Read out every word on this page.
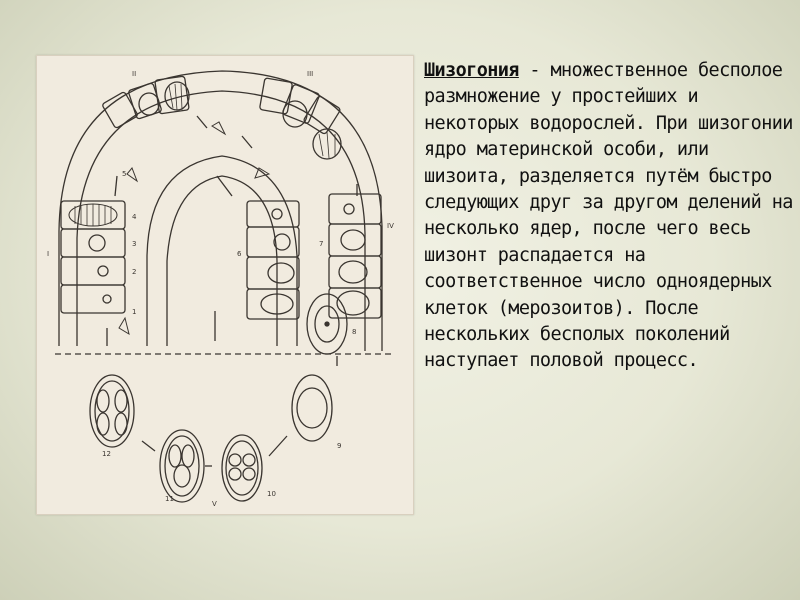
I
II	III
IV
V
1
2
3
4
5
6
7
8
9
10
11
12
Шизогония - множественное бесполое размножение у простейших и некоторых водорослей. При шизогонии ядро материнской особи, или шизоита, разделяется путём быстро следующих друг за другом делений на несколько ядер, после чего весь шизонт распадается на соответственное число одноядерных клеток (мерозоитов). После нескольких бесполых поколений наступает половой процесс.
